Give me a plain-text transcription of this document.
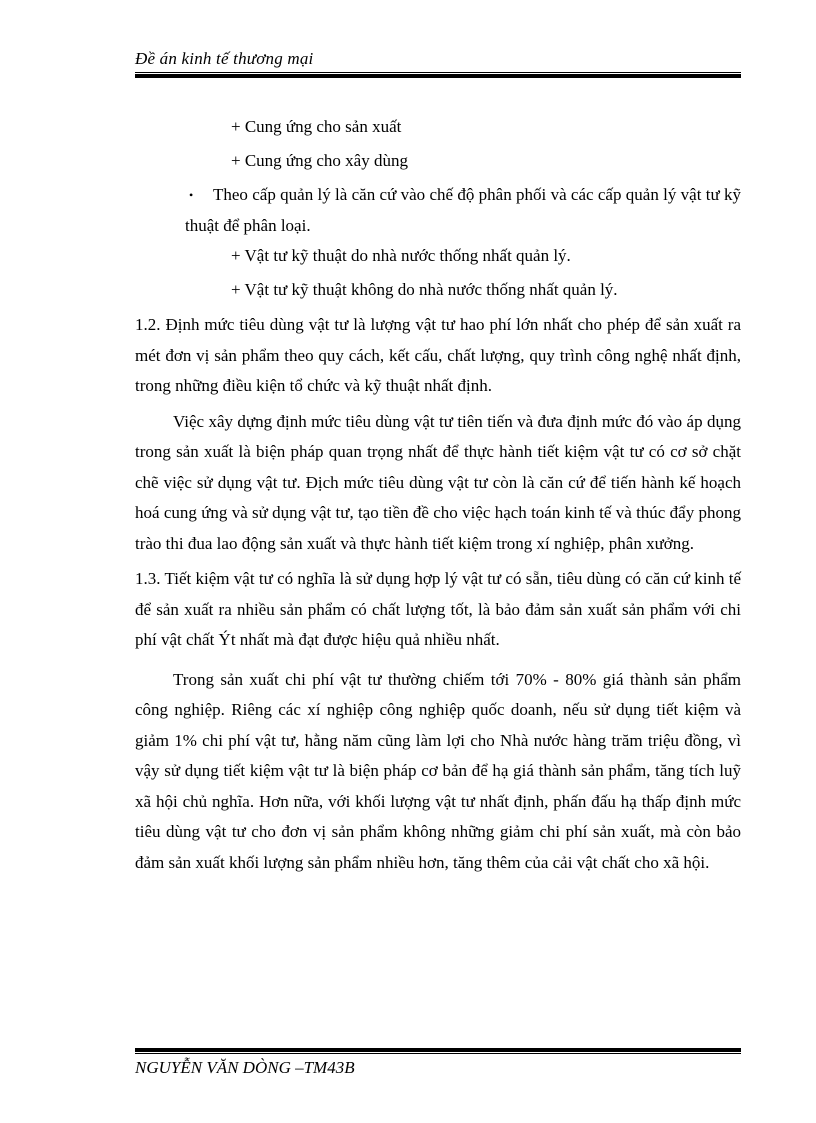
Đề án kinh tế thương mại

+ Cung ứng cho sản xuất

+ Cung ứng cho xây dùng

•	Theo cấp quản lý là căn cứ vào chế độ phân phối và các cấp quản lý vật tư kỹ thuật để phân loại.

+ Vật tư kỹ thuật do nhà nước thống nhất quản lý.

+ Vật tư kỹ thuật không do nhà nước thống nhất quản lý.

1.2. Định mức tiêu dùng vật tư là lượng vật tư hao phí lớn nhất cho phép để sản xuất ra mét đơn vị sản phẩm theo quy cách, kết cấu, chất lượng, quy trình công nghệ nhất định, trong những điều kiện tổ chức và kỹ thuật nhất định.

Việc xây dựng định mức tiêu dùng vật tư tiên tiến và đưa định mức đó vào áp dụng trong sản xuất là biện pháp quan trọng nhất để thực hành tiết kiệm vật tư có cơ sở chặt chẽ việc sử dụng vật tư. Địch mức tiêu dùng vật tư còn là căn cứ để tiến hành kế hoạch hoá cung ứng và sử dụng vật tư, tạo tiền đề cho việc hạch toán kinh tế và thúc đẩy phong trào thi đua lao động sản xuất và thực hành tiết kiệm trong xí nghiệp, phân xưởng.

1.3. Tiết kiệm vật tư có nghĩa là sử dụng hợp lý vật tư có sẵn, tiêu dùng có căn cứ kinh tế để sản xuất ra nhiều sản phẩm có chất lượng tốt, là bảo đảm sản xuất sản phẩm với chi phí vật chất Ýt nhất mà đạt được hiệu quả nhiều nhất.

Trong sản xuất chi phí vật tư thường chiếm tới 70% - 80% giá thành sản phẩm công nghiệp. Riêng các xí nghiệp công nghiệp quốc doanh, nếu sử dụng tiết kiệm và giảm 1% chi phí vật tư, hằng năm cũng làm lợi cho Nhà nước hàng trăm triệu đồng, vì vậy sử dụng tiết kiệm vật tư là biện pháp cơ bản để hạ giá thành sản phẩm, tăng tích luỹ xã hội chủ nghĩa. Hơn nữa, với khối lượng vật tư nhất định, phấn đấu hạ thấp định mức tiêu dùng vật tư cho đơn vị sản phẩm không những giảm chi phí sản xuất, mà còn bảo đảm sản xuất khối lượng sản phẩm nhiều hơn, tăng thêm của cải vật chất cho xã hội.

NGUYỄN VĂN DÒNG –TM43B
